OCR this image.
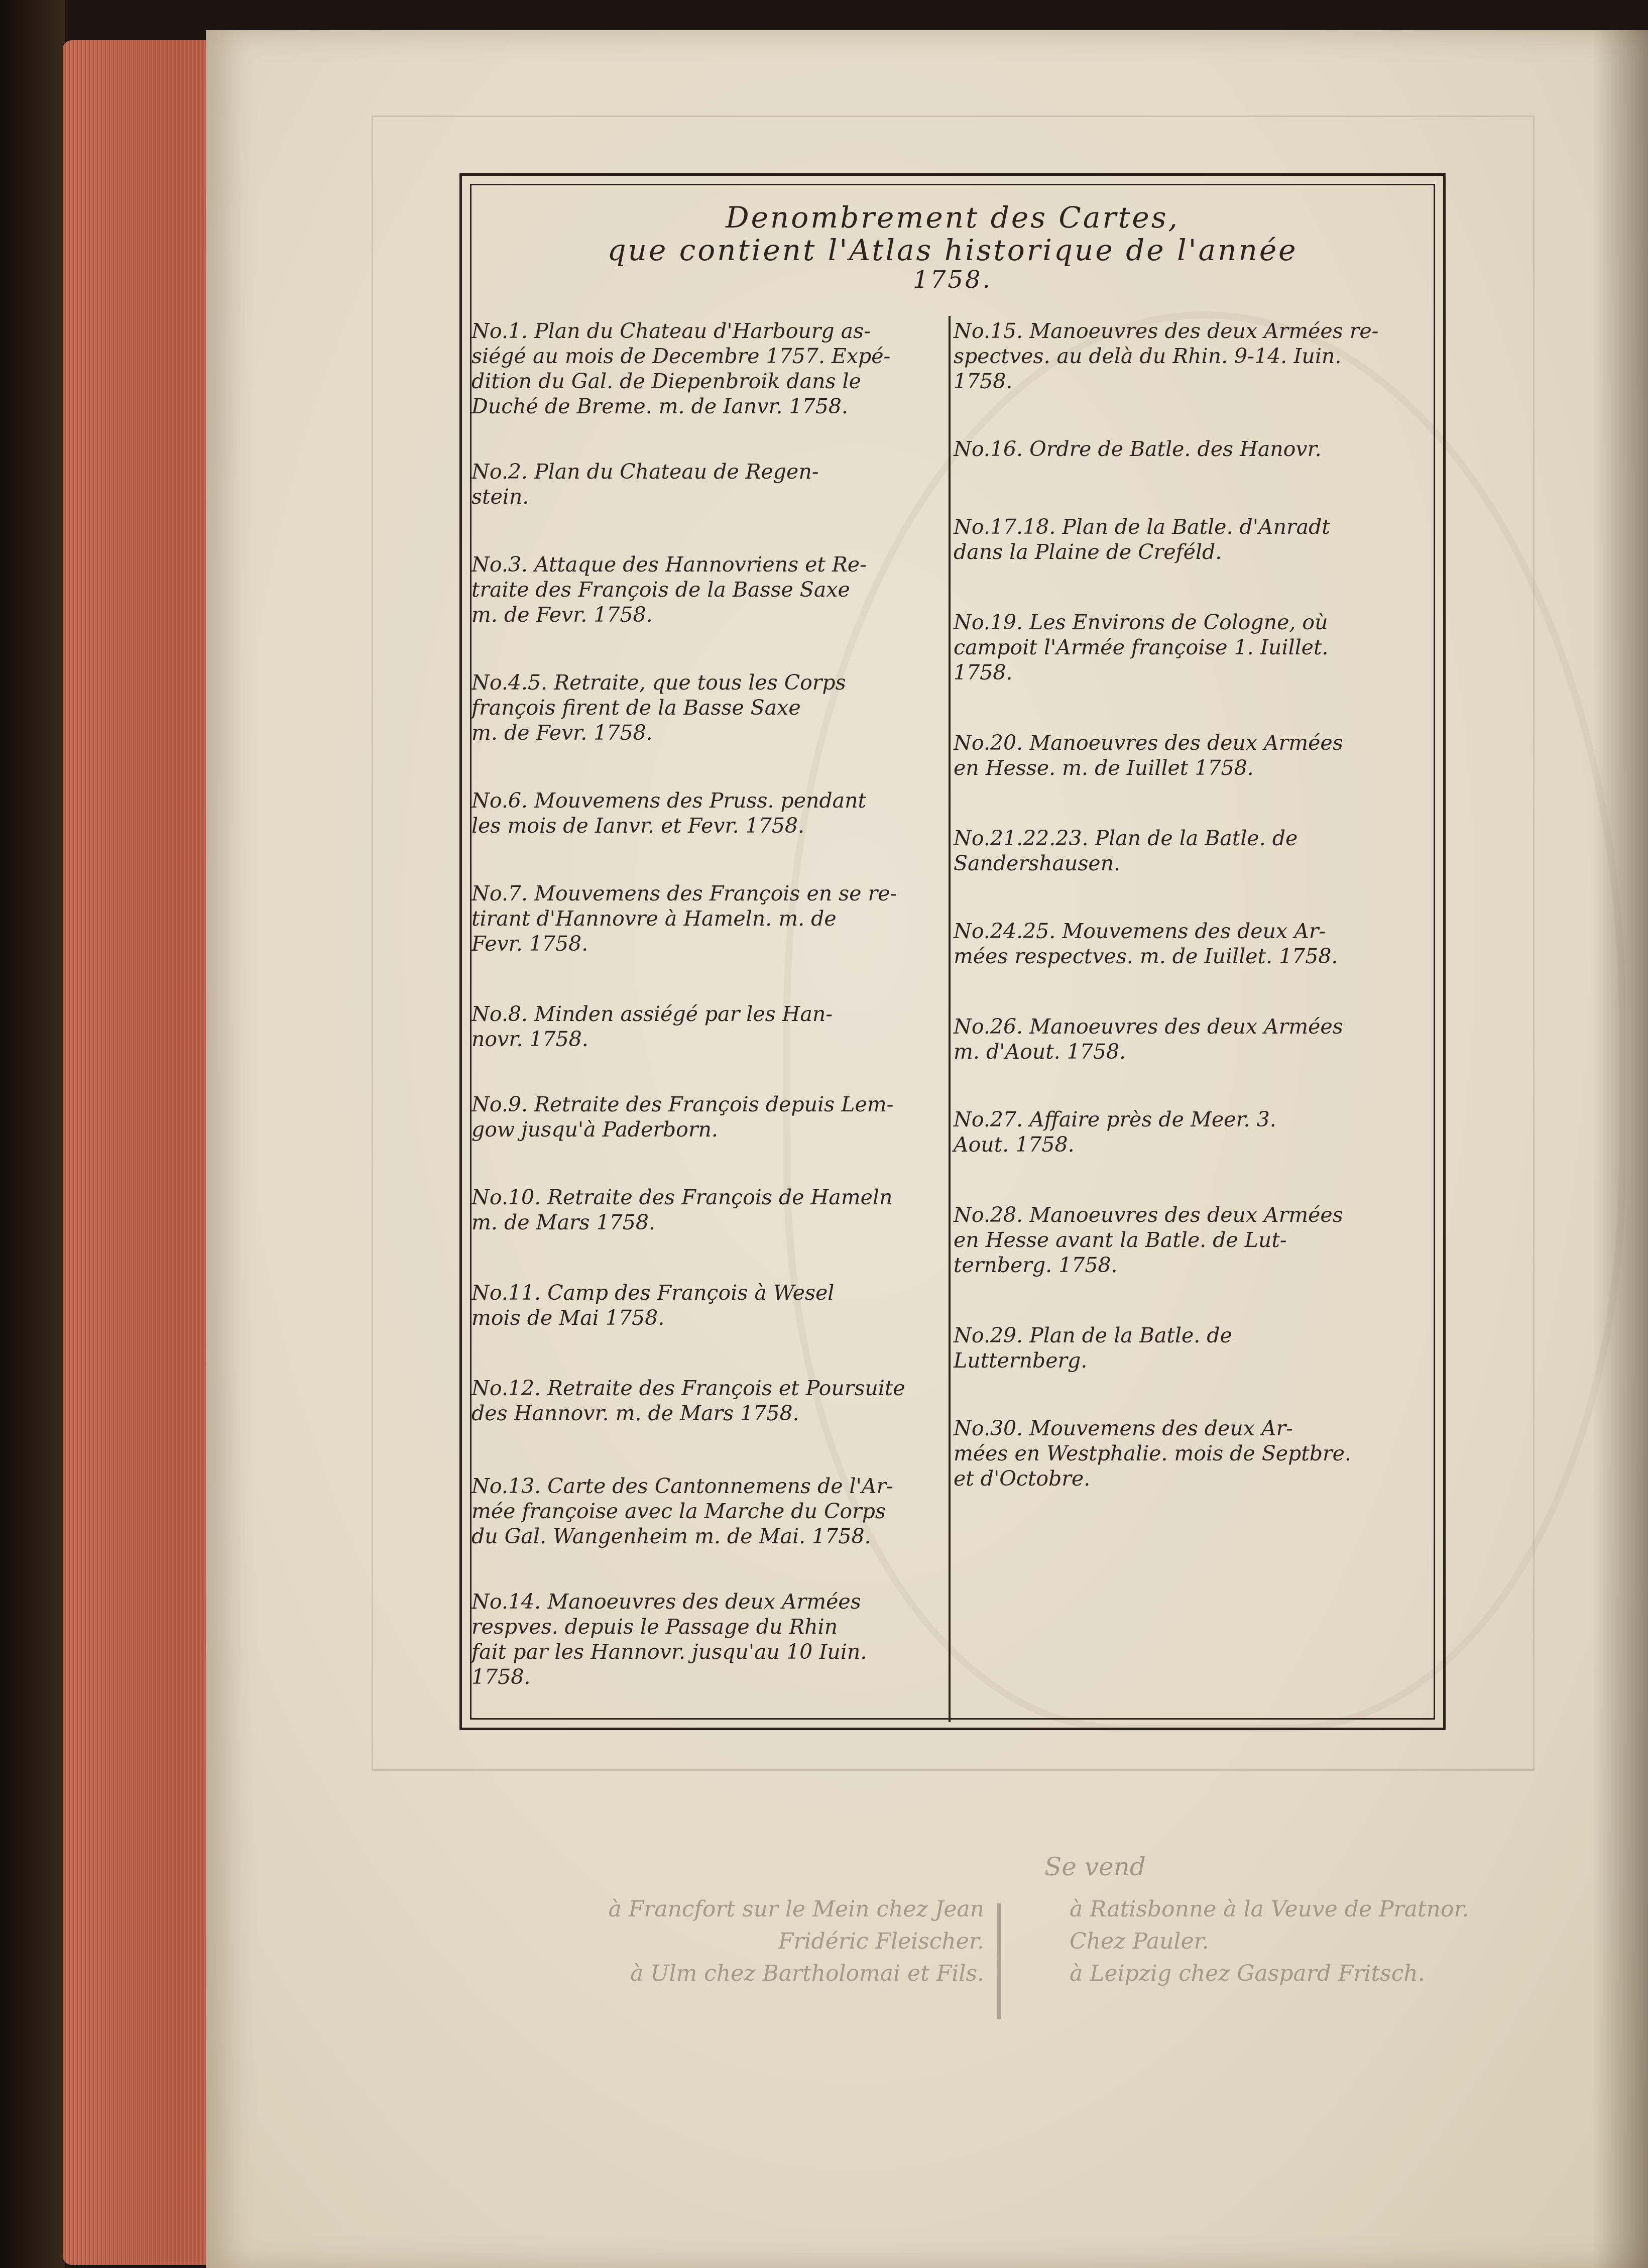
Denombrement des Cartes,
que contient l'Atlas historique de l'année
1758.
No.1. Plan du Chateau d'Harbourg as-
siégé au mois de Decembre 1757. Expé-
dition du Gal. de Diepenbroik dans le
Duché de Breme. m. de Ianvr. 1758.
No.2. Plan du Chateau de Regen-
stein.
No.3. Attaque des Hannovriens et Re-
traite des François de la Basse Saxe
m. de Fevr. 1758.
No.4.5. Retraite, que tous les Corps
françois firent de la Basse Saxe
m. de Fevr. 1758.
No.6. Mouvemens des Pruss. pendant
les mois de Ianvr. et Fevr. 1758.
No.7. Mouvemens des François en se re-
tirant d'Hannovre à Hameln. m. de
Fevr. 1758.
No.8. Minden assiégé par les Han-
novr. 1758.
No.9. Retraite des François depuis Lem-
gow jusqu'à Paderborn.
No.10. Retraite des François de Hameln
m. de Mars 1758.
No.11. Camp des François à Wesel
mois de Mai 1758.
No.12. Retraite des François et Poursuite
des Hannovr. m. de Mars 1758.
No.13. Carte des Cantonnemens de l'Ar-
mée françoise avec la Marche du Corps
du Gal. Wangenheim m. de Mai. 1758.
No.14. Manoeuvres des deux Armées
respves. depuis le Passage du Rhin
fait par les Hannovr. jusqu'au 10 Iuin.
1758.
No.15. Manoeuvres des deux Armées re-
spectves. au delà du Rhin. 9-14. Iuin.
1758.
No.16. Ordre de Batle. des Hanovr.
No.17.18. Plan de la Batle. d'Anradt
dans la Plaine de Creféld.
No.19. Les Environs de Cologne, où
campoit l'Armée françoise 1. Iuillet.
1758.
No.20. Manoeuvres des deux Armées
en Hesse. m. de Iuillet 1758.
No.21.22.23. Plan de la Batle. de
Sandershausen.
No.24.25. Mouvemens des deux Ar-
mées respectves. m. de Iuillet. 1758.
No.26. Manoeuvres des deux Armées
m. d'Aout. 1758.
No.27. Affaire près de Meer. 3.
Aout. 1758.
No.28. Manoeuvres des deux Armées
en Hesse avant la Batle. de Lut-
ternberg. 1758.
No.29. Plan de la Batle. de
Lutternberg.
No.30. Mouvemens des deux Ar-
mées en Westphalie. mois de Septbre.
et d'Octobre.
Se vend
à Francfort sur le Mein chez Jean
Fridéric Fleischer.
à Ulm chez Bartholomai et Fils.
à Ratisbonne à la Veuve de Pratnor.
Chez Pauler.
à Leipzig chez Gaspard Fritsch.
